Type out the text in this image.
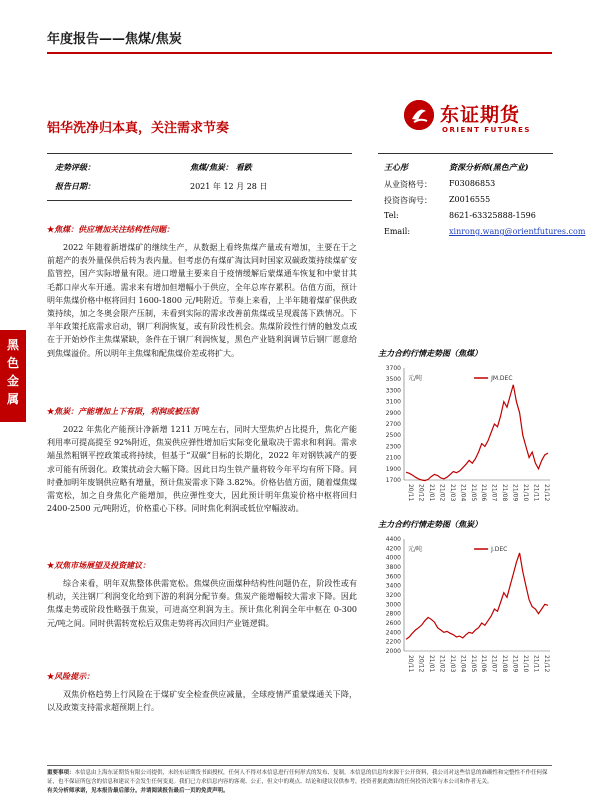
年度报告——焦煤/焦炭
铝华洗净归本真，关注需求节奏
东证期货
ORIENT FUTURES
走势评级：	焦煤/焦炭： 看跌
报告日期：	2021 年 12 月 28 日
王心彤	资深分析师(黑色产业)
从业资格号： F03086853
投资咨询号： Z0016555
Tel:	8621-63325888-1596
Email:	xinrong.wang@orientfutures.com
黑
色
金
属
★焦煤：供应增加关注结构性问题：
2022 年随着新增煤矿的继续生产，从数据上看终焦煤产量或有增加，主要在于之前超产的表外量保供后转为表内量。但考虑仍有煤矿淘汰同时国家双碳政策持续煤矿安监管控，国产实际增量有限。进口增量主要来自于疫情缓解后蒙煤通车恢复和中蒙甘其毛都口岸火车开通。需求来有增加但增幅小于供应，全年总库存累积。估值方面，预计明年焦煤价格中枢将回归 1600-1800 元/吨附近。节奏上来看，上半年随着煤矿保供政策持续，加之冬奥会限产压制，未看到实际的需求改善前焦煤或呈现震荡下跌情况。下半年政策托底需求启动，钢厂利润恢复，或有阶段性机会。焦煤阶段性行情的触发点或在于开始炒作主焦煤紧缺，条件在于钢厂利润恢复，黑色产业链利润调节后钢厂愿意给到焦煤溢价。所以明年主焦煤和配焦煤价差或将扩大。
★焦炭：产能增加上下有限，利润或被压制
2022 年焦化产能预计净新增 1211 万吨左右，同时大型焦炉占比提升，焦化产能利用率可提高提至 92%附近，焦炭供应弹性增加后实际变化量取决于需求和利润。需求端虽然粗钢平控政策或将持续，但基于“双碳”目标的长期化，2022 年对钢铁减产的要求可能有所弱化。政策扰动会大幅下降。因此日均生铁产量将较今年平均有所下降。同时叠加明年废钢供应略有增量，预计焦炭需求下降 3.82%。价格估值方面，随着煤焦煤需宽松，加之自身焦化产能增加，供应弹性变大，因此预计明年焦炭价格中枢将回归 2400-2500 元/吨附近，价格重心下移。同时焦化利润或低位窄幅波动。
★双焦市场展望及投资建议：
综合来看，明年双焦整体供需宽松。焦煤供应面煤种结构性问题仍在，阶段性或有机动，关注钢厂利润变化给到下游的利润分配节奏。焦炭产能增幅较大需求下降。因此焦煤走势或阶段性略强于焦炭，可进高空利润为主。预计焦化利润全年中枢在 0-300 元/吨之间。同时供需转宽松后双焦走势将再次回归产业链逻辑。
★风险提示：
双焦价格趋势上行风险在于煤矿安全检查供应减量，全球疫情严重蒙煤通关下降，以及政策支持需求超预期上行。
主力合约行情走势图（焦煤）
1700
1900
2100
2300
2500
2700
2900
3100
3300
3500
3700
元/吨
20/11 20/12 21/01 21/02 21/03 21/04 21/05 21/06 21/07 21/08 21/09 21/10 21/11 21/12
JM.DEC
主力合约行情走势图（焦炭）
2000
2200
2400
2600
2800
3000
3200
3400
3600
3800
4000
4200
4400
元/吨
20/11 20/12 21/01 21/02 21/03 21/04 21/05 21/06 21/07 21/08 21/09 21/10 21/11 21/12
J.DEC
重要事项：本信息由上海东证期货有限公司提供，未经东证期货书面授权，任何人不得对本信息进行任何形式的发布、复制。本信息的信息均来源于公开资料，我公司对这些信息的准确性和完整性不作任何保证，也不保证所包含的信息和建议不会发生任何变更。我们已力求信息内容的客观、公正，但文中的观点、结论和建议仅供参考，投资者据此做出的任何投资决策与本公司和作者无关。
有关分析师承诺，见本报告最后部分。并请阅读报告最后一页的免责声明。
